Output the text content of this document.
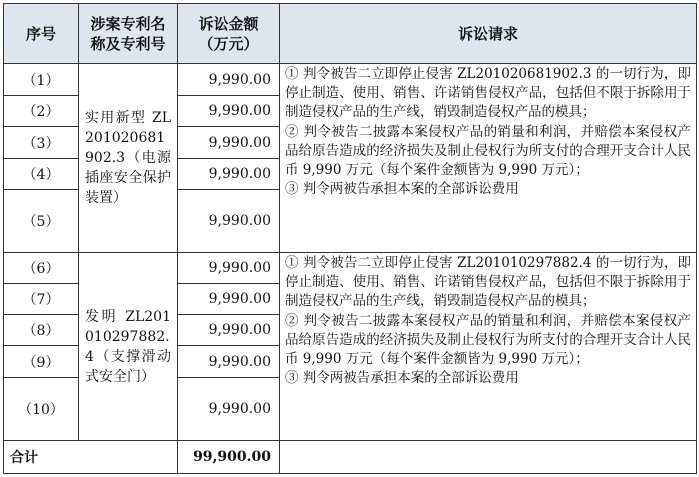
序号	涉案专利名称及专利号	诉讼金额（万元）	诉讼请求
（1）	实用新型 ZL201020681902.3（电源插座安全保护装置）	9,990.00	① 判令被告二立即停止侵害 ZL201020681902.3 的一切行为，即停止制造、使用、销售、许诺销售侵权产品，包括但不限于拆除用于制造侵权产品的生产线，销毁制造侵权产品的模具；

② 判令被告二披露本案侵权产品的销量和利润，并赔偿本案侵权产品给原告造成的经济损失及制止侵权行为所支付的合理开支合计人民币 9,990 万元（每个案件金额皆为 9,990 万元）；

③ 判令两被告承担本案的全部诉讼费用

（2）		9,990.00	
（3）		9,990.00	
（4）		9,990.00	
（5）		9,990.00	
（6）	发明 ZL201010297882.4（支撑滑动式安全门）	9,990.00	① 判令被告二立即停止侵害 ZL201010297882.4 的一切行为，即停止制造、使用、销售、许诺销售侵权产品，包括但不限于拆除用于制造侵权产品的生产线，销毁制造侵权产品的模具；

② 判令被告二披露本案侵权产品的销量和利润，并赔偿本案侵权产品给原告造成的经济损失及制止侵权行为所支付的合理开支合计人民币 9,990 万元（每个案件金额皆为 9,990 万元）；

③ 判令两被告承担本案的全部诉讼费用

（7）		9,990.00	
（8）		9,990.00	
（9）		9,990.00	
（10）		9,990.00	
合计		99,900.00	
